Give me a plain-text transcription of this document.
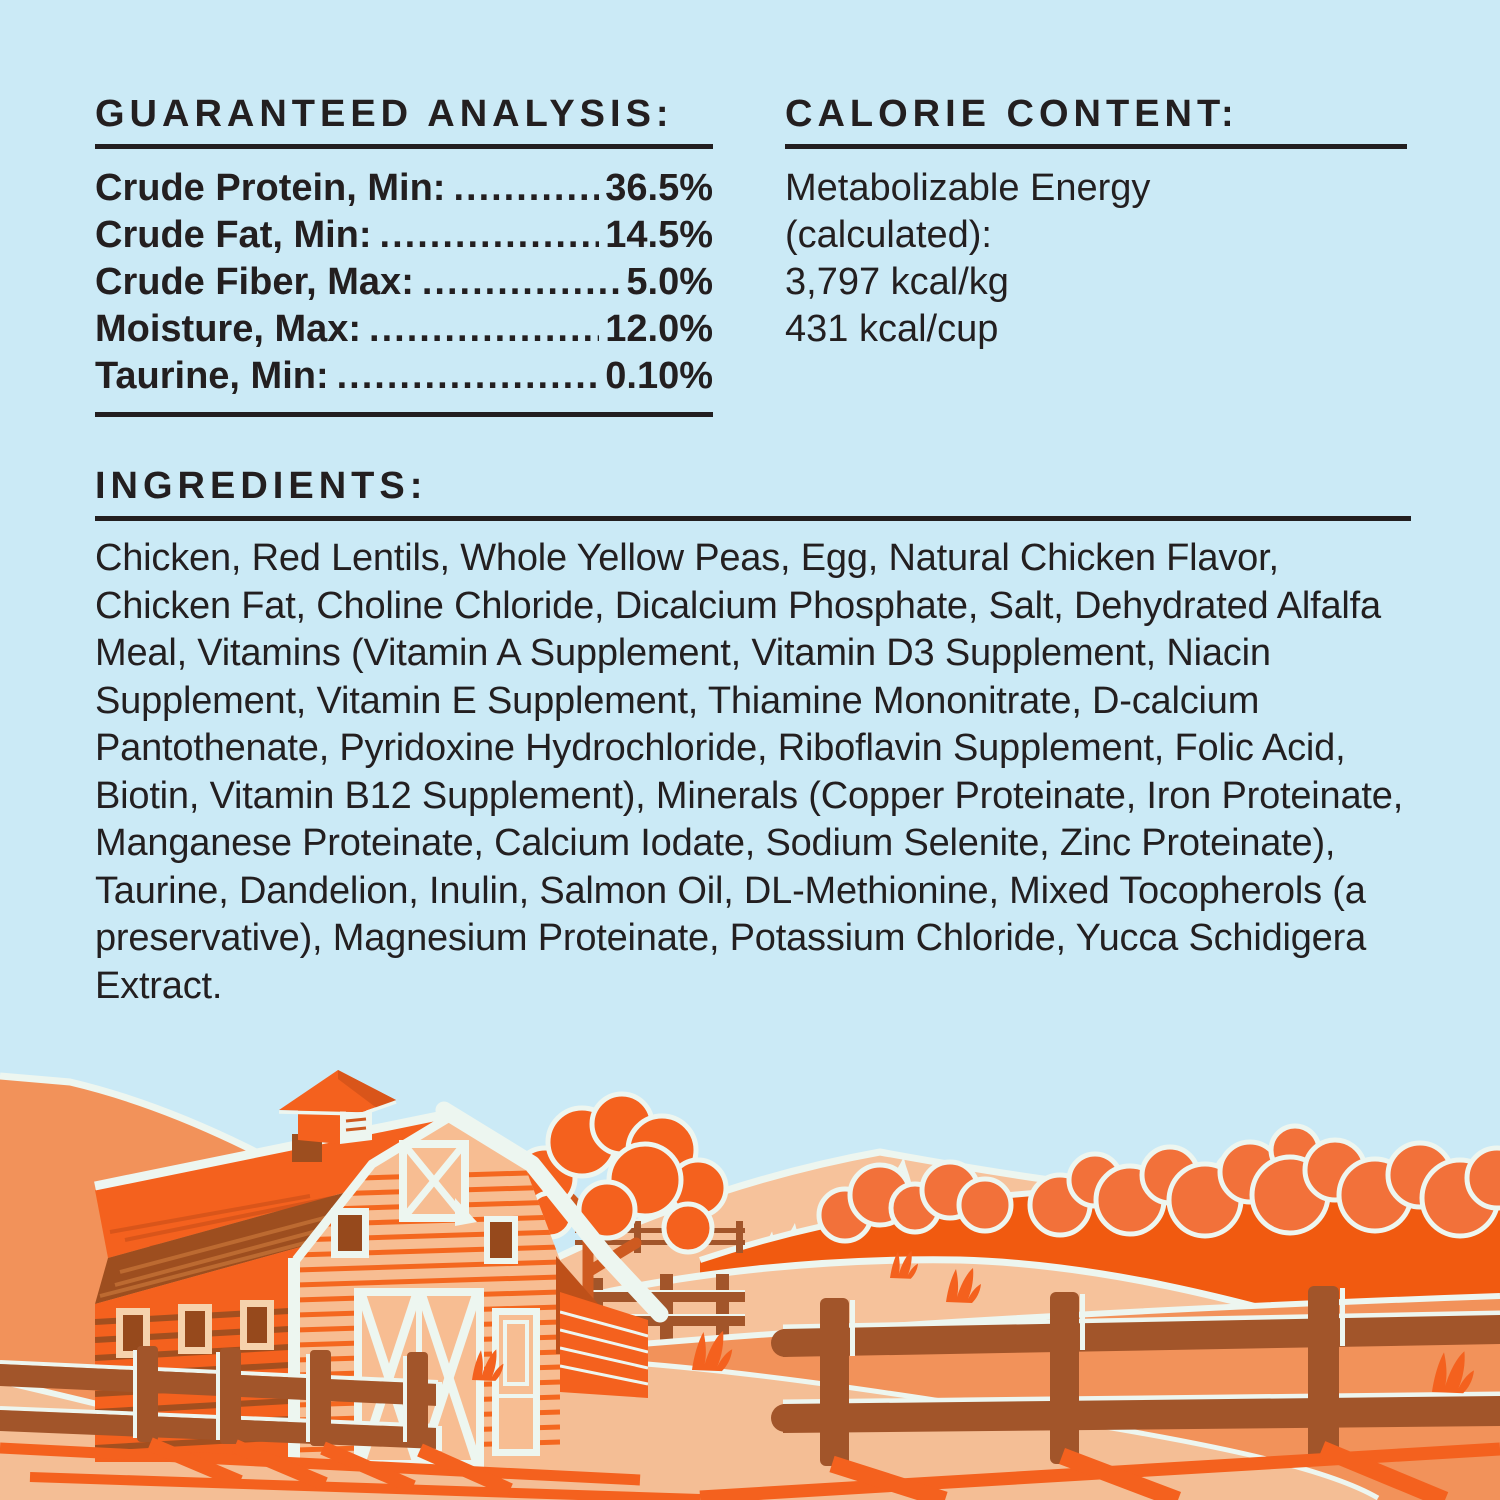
GUARANTEED ANALYSIS:
Crude Protein, Min: .....	36.5%
Crude Fat, Min: .....	14.5%
Crude Fiber, Max: .....	5.0%
Moisture, Max: .....	12.0%
Taurine, Min: .....	0.10%
CALORIE CONTENT:
Metabolizable Energy
(calculated):
3,797 kcal/kg
431 kcal/cup
INGREDIENTS:

Chicken, Red Lentils, Whole Yellow Peas, Egg, Natural Chicken Flavor, Chicken Fat, Choline Chloride, Dicalcium Phosphate, Salt, Dehydrated Alfalfa Meal, Vitamins (Vitamin A Supplement, Vitamin D3 Supplement, Niacin Supplement, Vitamin E Supplement, Thiamine Mononitrate, D-calcium Pantothenate, Pyridoxine Hydrochloride, Riboflavin Supplement, Folic Acid, Biotin, Vitamin B12 Supplement), Minerals (Copper Proteinate, Iron Proteinate, Manganese Proteinate, Calcium Iodate, Sodium Selenite, Zinc Proteinate), Taurine, Dandelion, Inulin, Salmon Oil, DL-Methionine, Mixed Tocopherols (a preservative), Magnesium Proteinate, Potassium Chloride, Yucca Schidigera Extract.
